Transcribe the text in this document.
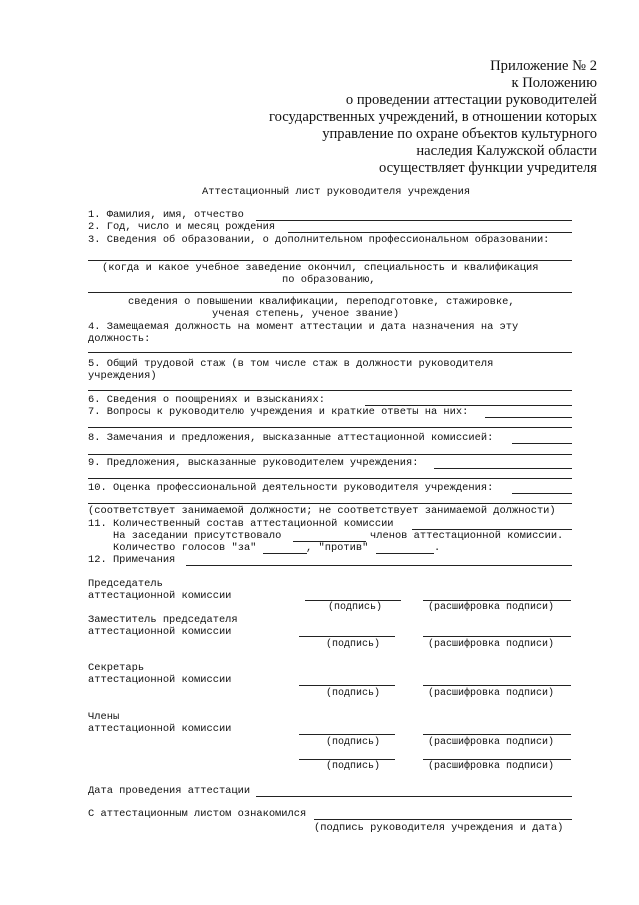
Приложение № 2
к Положению
о проведении аттестации руководителей
государственных учреждений, в отношении которых
управление по охране объектов культурного
наследия Калужской области
осуществляет функции учредителя
Аттестационный лист руководителя учреждения
1. Фамилия, имя, отчество
2. Год, число и месяц рождения
3. Сведения об образовании, о дополнительном профессиональном образовании:
(когда и какое учебное заведение окончил, специальность и квалификация
по образованию,
сведения о повышении квалификации, переподготовке, стажировке,
ученая степень, ученое звание)
4. Замещаемая должность на момент аттестации и дата назначения на эту
должность:
5. Общий трудовой стаж (в том числе стаж в должности руководителя
учреждения)
6. Сведения о поощрениях и взысканиях:
7. Вопросы к руководителю учреждения и краткие ответы на них:
8. Замечания и предложения, высказанные аттестационной комиссией:
9. Предложения, высказанные руководителем учреждения:
10. Оценка профессиональной деятельности руководителя учреждения:
(соответствует занимаемой должности; не соответствует занимаемой должности)
11. Количественный состав аттестационной комиссии
На заседании присутствовало	членов аттестационной комиссии.
Количество голосов "за"	, "против"	.
12. Примечания
Председатель
аттестационной комиссии
(подпись)	(расшифровка подписи)
Заместитель председателя
аттестационной комиссии
(подпись)	(расшифровка подписи)
Секретарь
аттестационной комиссии
(подпись)	(расшифровка подписи)
Члены
аттестационной комиссии
(подпись)	(расшифровка подписи)
(подпись)	(расшифровка подписи)
Дата проведения аттестации
С аттестационным листом ознакомился
(подпись руководителя учреждения и дата)
